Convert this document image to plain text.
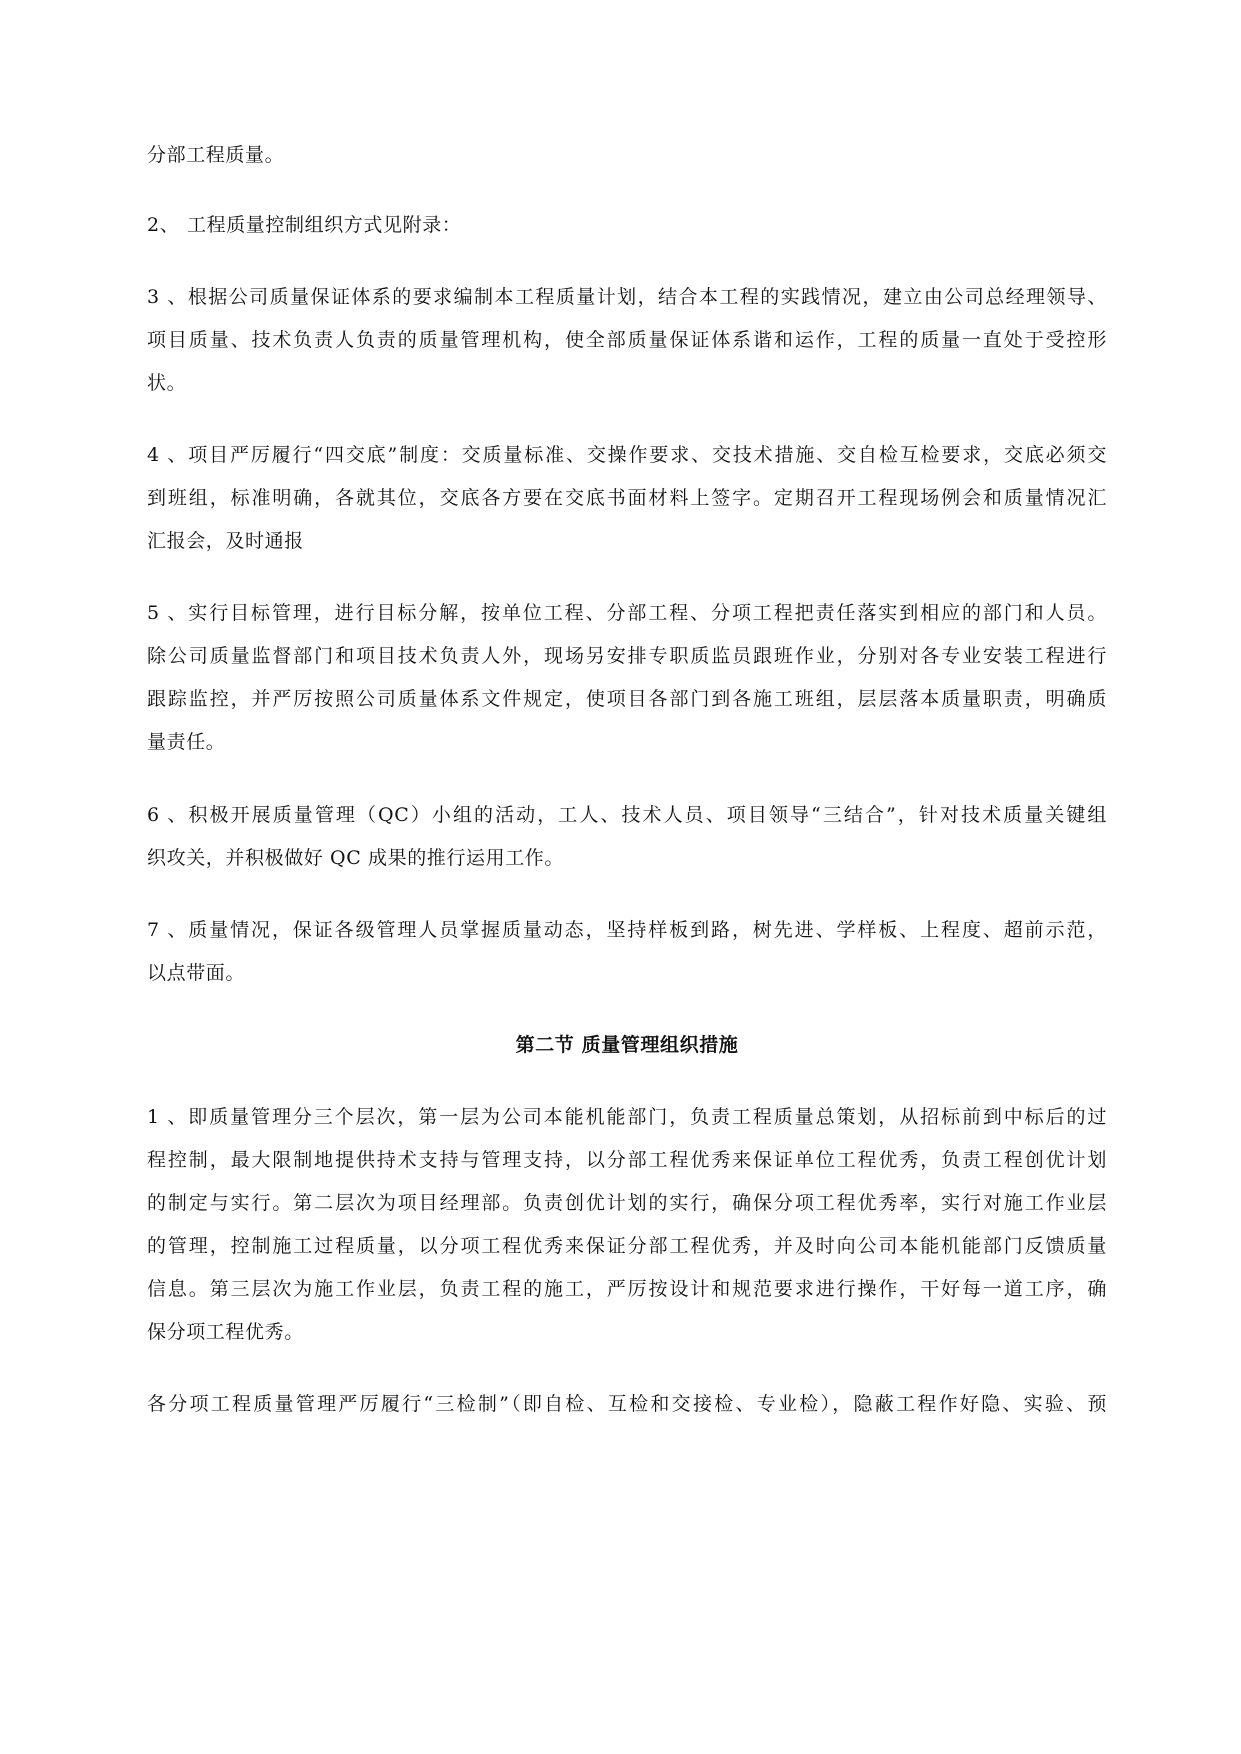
分部工程质量。
2、 工程质量控制组织方式见附录：
3、根据公司质量保证体系的要求编制本工程质量计划，结合本工程的实践情况，建立由公司总经理领导、
项目质量、技术负责人负责的质量管理机构，使全部质量保证体系谐和运作，工程的质量一直处于受控形
状。
4、项目严厉履行“四交底”制度：交质量标准、交操作要求、交技术措施、交自检互检要求，交底必须交
到班组，标准明确，各就其位，交底各方要在交底书面材料上签字。定期召开工程现场例会和质量情况汇
汇报会，及时通报
5、实行目标管理，进行目标分解，按单位工程、分部工程、分项工程把责任落实到相应的部门和人员。
除公司质量监督部门和项目技术负责人外，现场另安排专职质监员跟班作业，分别对各专业安装工程进行
跟踪监控，并严厉按照公司质量体系文件规定，使项目各部门到各施工班组，层层落本质量职责，明确质
量责任。
6、积极开展质量管理（QC）小组的活动，工人、技术人员、项目领导“三结合”，针对技术质量关键组
织攻关，并积极做好 QC 成果的推行运用工作。
7、质量情况，保证各级管理人员掌握质量动态，坚持样板到路，树先进、学样板、上程度、超前示范，
以点带面。
第二节 质量管理组织措施
1、即质量管理分三个层次，第一层为公司本能机能部门，负责工程质量总策划，从招标前到中标后的过
程控制，最大限制地提供持术支持与管理支持，以分部工程优秀来保证单位工程优秀，负责工程创优计划
的制定与实行。第二层次为项目经理部。负责创优计划的实行，确保分项工程优秀率，实行对施工作业层
的管理，控制施工过程质量，以分项工程优秀来保证分部工程优秀，并及时向公司本能机能部门反馈质量
信息。第三层次为施工作业层，负责工程的施工，严厉按设计和规范要求进行操作，干好每一道工序，确
保分项工程优秀。
各分项工程质量管理严厉履行“三检制”（即自检、互检和交接检、专业检），隐蔽工程作好隐、实验、预
